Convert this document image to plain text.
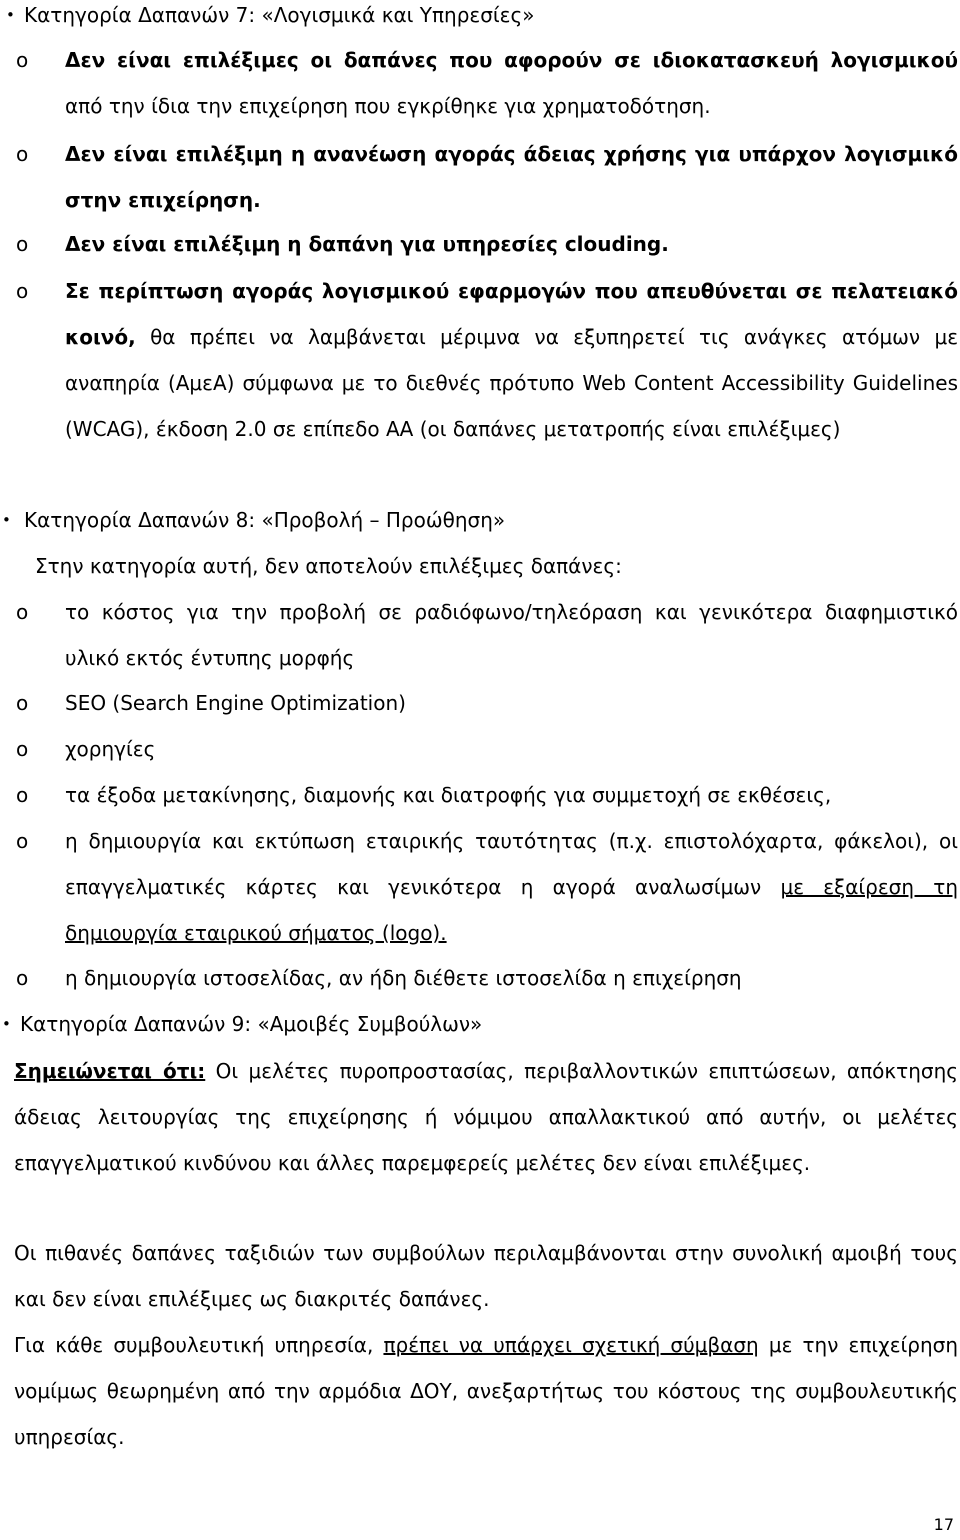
• Κατηγορία Δαπανών 7: «Λογισμικά και Υπηρεσίες»
o Δεν είναι επιλέξιμες οι δαπάνες που αφορούν σε ιδιοκατασκευή λογισμικού από την ίδια την επιχείρηση που εγκρίθηκε για χρηματοδότηση.
o Δεν είναι επιλέξιμη η ανανέωση αγοράς άδειας χρήσης για υπάρχον λογισμικό στην επιχείρηση.
o Δεν είναι επιλέξιμη η δαπάνη για υπηρεσίες clouding.
o Σε περίπτωση αγοράς λογισμικού εφαρμογών που απευθύνεται σε πελατειακό κοινό, θα πρέπει να λαμβάνεται μέριμνα να εξυπηρετεί τις ανάγκες ατόμων με αναπηρία (ΑμεΑ) σύμφωνα με το διεθνές πρότυπο Web Content Accessibility Guidelines (WCAG), έκδοση 2.0 σε επίπεδο ΑΑ (οι δαπάνες μετατροπής είναι επιλέξιμες)
• Κατηγορία Δαπανών 8: «Προβολή – Προώθηση»
Στην κατηγορία αυτή, δεν αποτελούν επιλέξιμες δαπάνες:
o το κόστος για την προβολή σε ραδιόφωνο/τηλεόραση και γενικότερα διαφημιστικό υλικό εκτός έντυπης μορφής
o SEO (Search Engine Optimization)
o χορηγίες
o τα έξοδα μετακίνησης, διαμονής και διατροφής για συμμετοχή σε εκθέσεις,
o η δημιουργία και εκτύπωση εταιρικής ταυτότητας (π.χ. επιστολόχαρτα, φάκελοι), οι επαγγελματικές κάρτες και γενικότερα η αγορά αναλωσίμων με εξαίρεση τη δημιουργία εταιρικού σήματος (logo).
o η δημιουργία ιστοσελίδας, αν ήδη διέθετε ιστοσελίδα η επιχείρηση
• Κατηγορία Δαπανών 9: «Αμοιβές Συμβούλων»
Σημειώνεται ότι: Οι μελέτες πυροπροστασίας, περιβαλλοντικών επιπτώσεων, απόκτησης άδειας λειτουργίας της επιχείρησης ή νόμιμου απαλλακτικού από αυτήν, οι μελέτες επαγγελματικού κινδύνου και άλλες παρεμφερείς μελέτες δεν είναι επιλέξιμες.
Οι πιθανές δαπάνες ταξιδιών των συμβούλων περιλαμβάνονται στην συνολική αμοιβή τους και δεν είναι επιλέξιμες ως διακριτές δαπάνες.
Για κάθε συμβουλευτική υπηρεσία, πρέπει να υπάρχει σχετική σύμβαση με την επιχείρηση νομίμως θεωρημένη από την αρμόδια ΔΟΥ, ανεξαρτήτως του κόστους της συμβουλευτικής υπηρεσίας.
17
